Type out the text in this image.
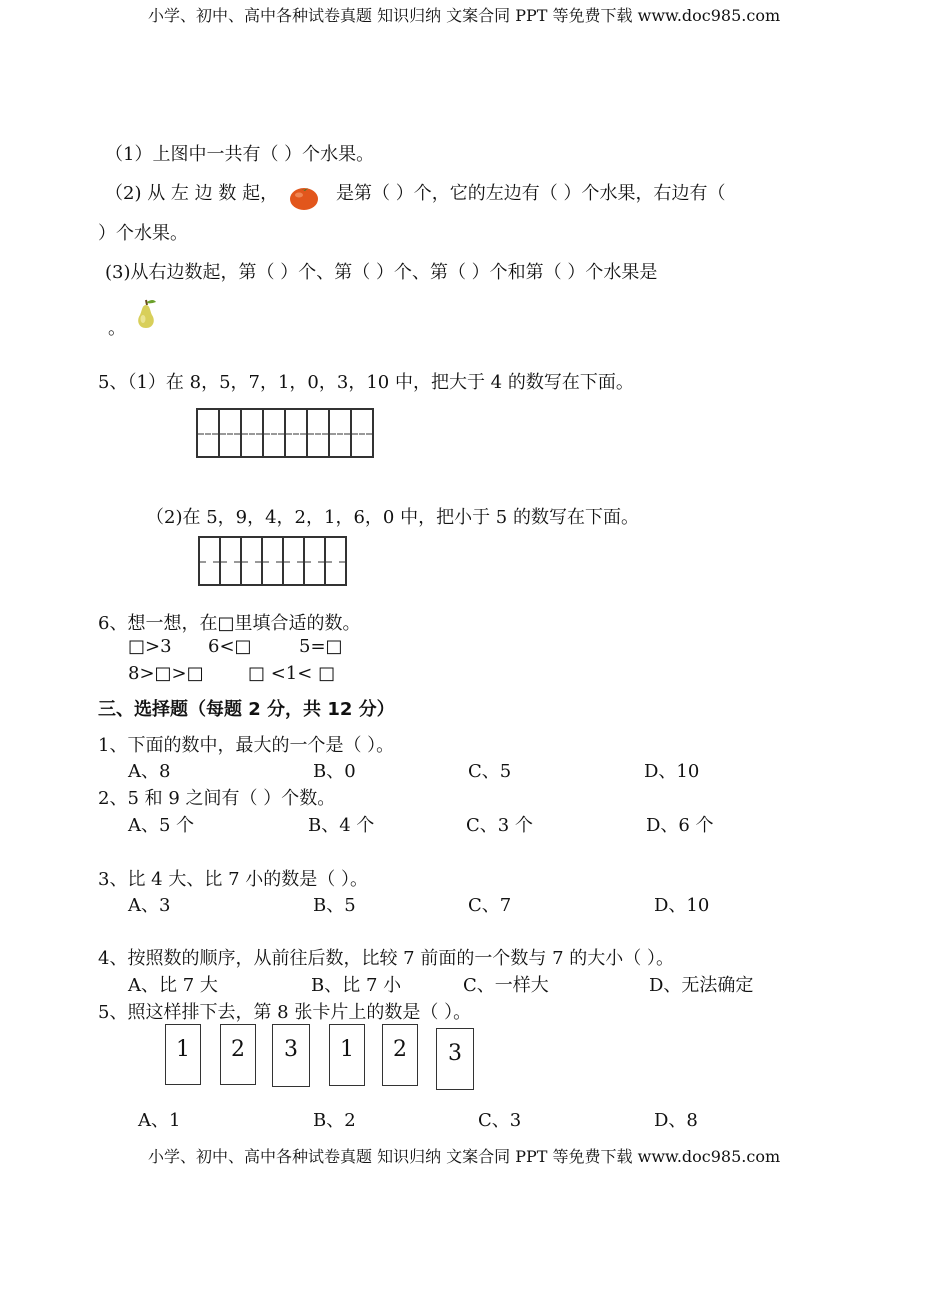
小学、初中、高中各种试卷真题 知识归纳 文案合同 PPT 等免费下载 www.doc985.com
（1）上图中一共有（ ）个水果。
（2) 从 左 边 数 起，	是第（ ）个，它的左边有（ ）个水果，右边有（
）个水果。
(3)从右边数起，第（ ）个、第（ ）个、第（ ）个和第（ ）个水果是
。
5、（1）在 8，5，7，1，0，3，10 中，把大于 4 的数写在下面。
（2)在 5，9，4，2，1，6，0 中，把小于 5 的数写在下面。
6、想一想，在□里填合适的数。
□>3 6<□	5=□
8>□>□ □ <1< □
三、选择题（每题 2 分，共 12 分）
1、下面的数中，最大的一个是（ ）。
A、8	B、0	C、5	D、10
2、5 和 9 之间有（ ）个数。
A、5 个	B、4 个	C、3 个	D、6 个
3、比 4 大、比 7 小的数是（ ）。
A、3	B、5	C、7	D、10
4、按照数的顺序，从前往后数，比较 7 前面的一个数与 7 的大小（ ）。
A、比 7 大	B、比 7 小	C、一样大	D、无法确定
5、照这样排下去，第 8 张卡片上的数是（ ）。
1	2	3	1	2	3
A、1	B、2	C、3	D、8
小学、初中、高中各种试卷真题 知识归纳 文案合同 PPT 等免费下载 www.doc985.com
